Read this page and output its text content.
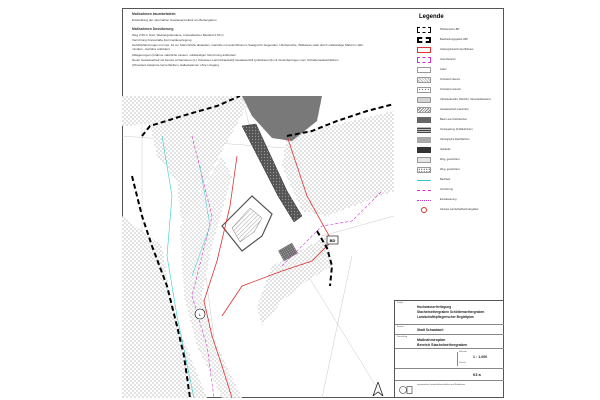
Maßnahmen baumbetaleim

Entwicklung der naturnahen Gewässerstruktur am Bodengarten

Maßnahmen Dossiberung

Weg 2,50 m breit, Wassergebundene, Instandsetzen Bestand 2,50 m

Verrohrung Kreisstraße Fernmeldeverlegung

Gehölzpflanzungen mit max. 10 cm Stammhöhe abdecken, Gehölze mit autochthonem Saatgut für Gegenden, Uferbereiche, Wildwiese nach durch vollständige Mahd im Jahr mindest - Gehölze anfördern

Ablagerungen (Grabme natürliche zassen, vollständiger Verrohrung auffordern

Neuer Gewässerlauf mit bereits vorhandenen (L) Ursrassen Leitrinnbaustahl) Gewässerstift (präzisierend) mit Vereinbarungen vom Vorhabensabsichtlichen

(Ohnedere bekannte tierverbleiben, Haltestationen ohne Umgang

BD
L
Legende
Planbereich LBP
Bearbeitungsgebiet LBP
Geltungsbereich des Bebaus
Grenzbereich
Acker
Grünland intensiv
Grünland extensiv
Uferstaudenflur, Röhricht, Streuobstbestand
Gewässerlauf (naturnah)
Baum aus Uferböschen
Versiegelung (Fußläubchen)
Okologische Dachflächen
Gebäude
Weg, geschottert
Weg, geschottert
Bachlauf
Verrohrung
Entwässerung
Hinweis Landschaftsschutzgebiet
Projekt
Hochwasserfreilegung
Stachelweihergraben Schöttenweihergraben
Landschaftspflegerischer Begleitplan
Bauherr
Stadt Schwabach
Darstellung
Maßnahmenplan
Bereich Stachelweihergraben
Maßstab
1 : 1.000
Plan-Nr.
03 a
Ingenieurbüro Landschaftsarchitekten und Stadtplaner
